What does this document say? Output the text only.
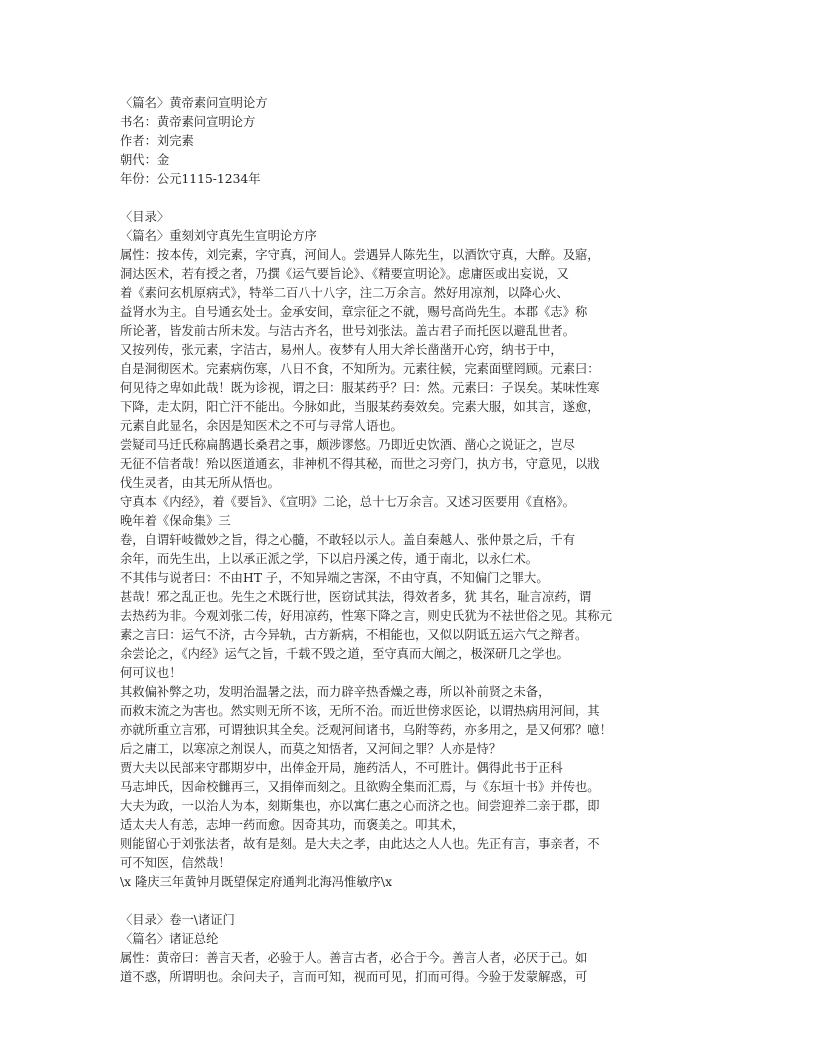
〈篇名〉黄帝素问宣明论方
书名：黄帝素问宣明论方
作者：刘完素
朝代：金
年份：公元1115-1234年
〈目录〉
〈篇名〉重刻刘守真先生宣明论方序
属性：按本传，刘完素，字守真，河间人。尝遇异人陈先生，以酒饮守真，大醉。及寤，
洞达医术，若有授之者，乃撰《运气要旨论》、《精要宣明论》。虑庸医或出妄说，又
着《素问玄机原病式》，特举二百八十八字，注二万余言。然好用凉剂，以降心火、
益肾水为主。自号通玄处士。金承安间，章宗征之不就，赐号高尚先生。本郡《志》称
所论著，皆发前古所未发。与洁古齐名，世号刘张法。盖古君子而托医以避乱世者。
又按列传，张元素，字洁古，易州人。夜梦有人用大斧长凿凿开心窍，纳书于中，
自是洞彻医术。完素病伤寒，八日不食，不知所为。元素往候，完素面壁罔顾。元素曰：
何见待之卑如此哉！既为诊视，谓之曰：服某药乎？曰：然。元素曰：子误矣。某味性寒
下降，走太阴，阳亡汗不能出。今脉如此，当服某药奏效矣。完素大服，如其言，遂愈，
元素自此显名，余因是知医术之不可与寻常人语也。
尝疑司马迁氏称扁鹊遇长桑君之事，颇涉谬悠。乃即近史饮酒、凿心之说证之，岂尽
无征不信者哉！殆以医道通玄，非神机不得其秘，而世之习旁门，执方书，守意见，以戕
伐生灵者，由其无所从悟也。
守真本《内经》，着《要旨》、《宣明》二论，总十七万余言。又述习医要用《直格》。
晚年着《保命集》三
卷，自谓轩岐微妙之旨，得之心髓，不敢轻以示人。盖自秦越人、张仲景之后，千有
余年，而先生出，上以承正派之学，下以启丹溪之传，通于南北，以永仁术。
不其伟与说者曰：不由HT 子，不知异端之害深，不由守真，不知偏门之罪大。
甚哉！邪之乱正也。先生之术既行世，医窃试其法，得效者多，犹 其名，耻言凉药，谓
去热药为非。今观刘张二传，好用凉药，性寒下降之言，则史氏犹为不祛世俗之见。其称元
素之言曰：运气不济，古今异轨，古方新病，不相能也，又似以阴诋五运六气之辩者。
余尝论之，《内经》运气之旨，千载不毁之道，至守真而大阐之，极深研几之学也。
何可议也！
其救偏补弊之功，发明治温暑之法，而力辟辛热香燥之毒，所以补前贤之未备，
而救末流之为害也。然实则无所不该，无所不治。而近世傍求医论，以谓热病用河间，其
亦就所重立言邪，可谓独识其全矣。泛观河间诸书，乌附等药，亦多用之，是又何邪？噫！
后之庸工，以寒凉之剂误人，而莫之知悟者，又河间之罪？人亦是恃？
贾大夫以民部来守郡期岁中，出俸金开局，施药活人，不可胜计。偶得此书于正科
马志坤氏，因命校雠再三，又捐俸而刻之。且欲购全集而汇焉，与《东垣十书》并传也。
大夫为政，一以治人为本，刻斯集也，亦以寓仁惠之心而济之也。间尝迎养二亲于郡，即
适太夫人有恙，志坤一药而愈。因奇其功，而褒美之。叩其术，
则能留心于刘张法者，故有是刻。是大夫之孝，由此达之人人也。先正有言，事亲者，不
可不知医，信然哉！
\x 隆庆三年黄钟月既望保定府通判北海冯惟敏序\x
〈目录〉卷一\诸证门
〈篇名〉诸证总纶
属性：黄帝曰：善言天者，必验于人。善言古者，必合于今。善言人者，必厌于己。如
道不惑，所谓明也。余问夫子，言而可知，视而可见，扪而可得。今验于发蒙解惑，可
